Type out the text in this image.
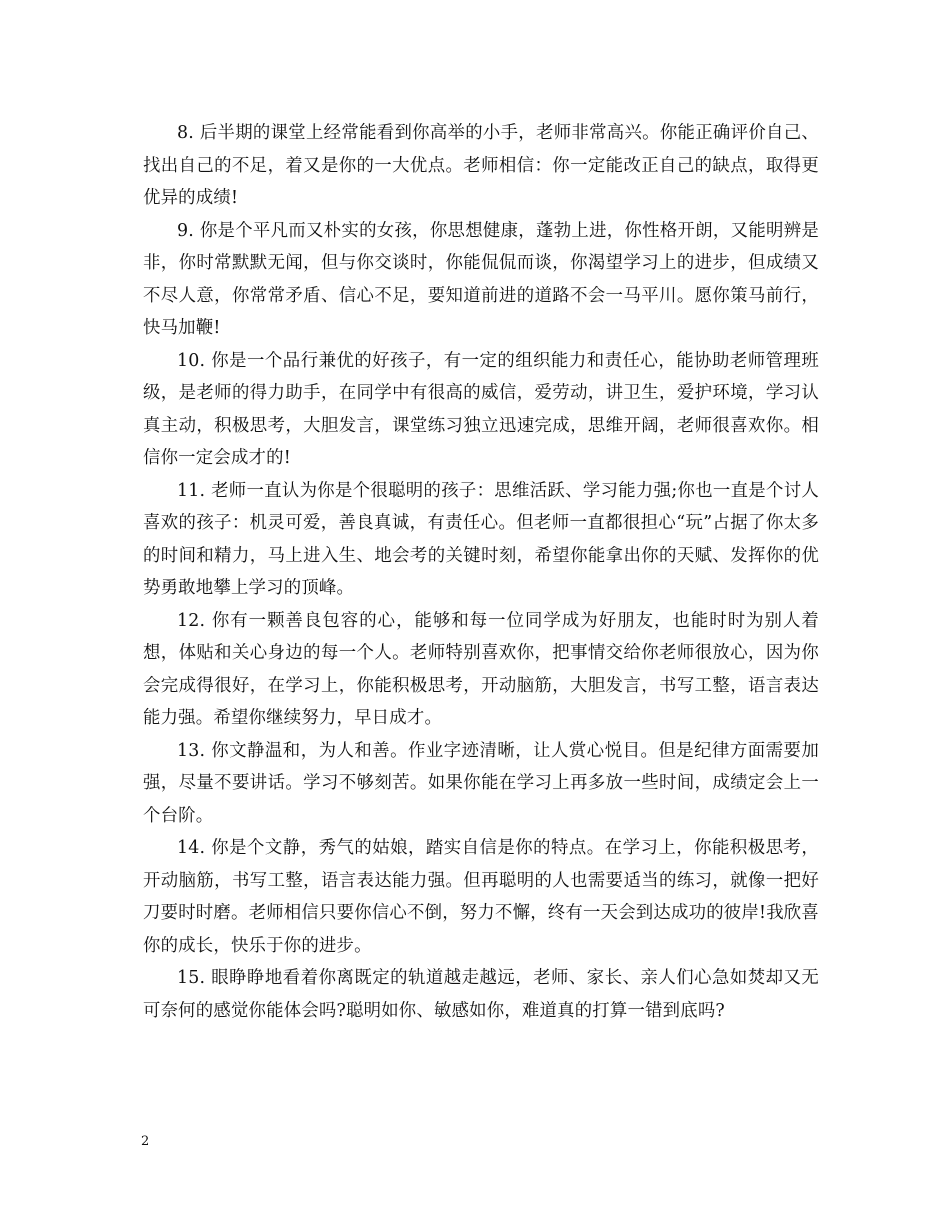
8. 后半期的课堂上经常能看到你高举的小手，老师非常高兴。你能正确评价自己、找出自己的不足，着又是你的一大优点。老师相信：你一定能改正自己的缺点，取得更优异的成绩!

9. 你是个平凡而又朴实的女孩，你思想健康，蓬勃上进，你性格开朗，又能明辨是非，你时常默默无闻，但与你交谈时，你能侃侃而谈，你渴望学习上的进步，但成绩又不尽人意，你常常矛盾、信心不足，要知道前进的道路不会一马平川。愿你策马前行，快马加鞭!

10. 你是一个品行兼优的好孩子，有一定的组织能力和责任心，能协助老师管理班级，是老师的得力助手，在同学中有很高的威信，爱劳动，讲卫生，爱护环境，学习认真主动，积极思考，大胆发言，课堂练习独立迅速完成，思维开阔，老师很喜欢你。相信你一定会成才的!

11. 老师一直认为你是个很聪明的孩子：思维活跃、学习能力强;你也一直是个讨人喜欢的孩子：机灵可爱，善良真诚，有责任心。但老师一直都很担心“玩”占据了你太多的时间和精力，马上进入生、地会考的关键时刻，希望你能拿出你的天赋、发挥你的优势勇敢地攀上学习的顶峰。

12. 你有一颗善良包容的心，能够和每一位同学成为好朋友，也能时时为别人着想，体贴和关心身边的每一个人。老师特别喜欢你，把事情交给你老师很放心，因为你会完成得很好，在学习上，你能积极思考，开动脑筋，大胆发言，书写工整，语言表达能力强。希望你继续努力，早日成才。

13. 你文静温和，为人和善。作业字迹清晰，让人赏心悦目。但是纪律方面需要加强，尽量不要讲话。学习不够刻苦。如果你能在学习上再多放一些时间，成绩定会上一个台阶。

14. 你是个文静，秀气的姑娘，踏实自信是你的特点。在学习上，你能积极思考，开动脑筋，书写工整，语言表达能力强。但再聪明的人也需要适当的练习，就像一把好刀要时时磨。老师相信只要你信心不倒，努力不懈，终有一天会到达成功的彼岸!我欣喜你的成长，快乐于你的进步。

15. 眼睁睁地看着你离既定的轨道越走越远，老师、家长、亲人们心急如焚却又无可奈何的感觉你能体会吗?聪明如你、敏感如你，难道真的打算一错到底吗?

2
